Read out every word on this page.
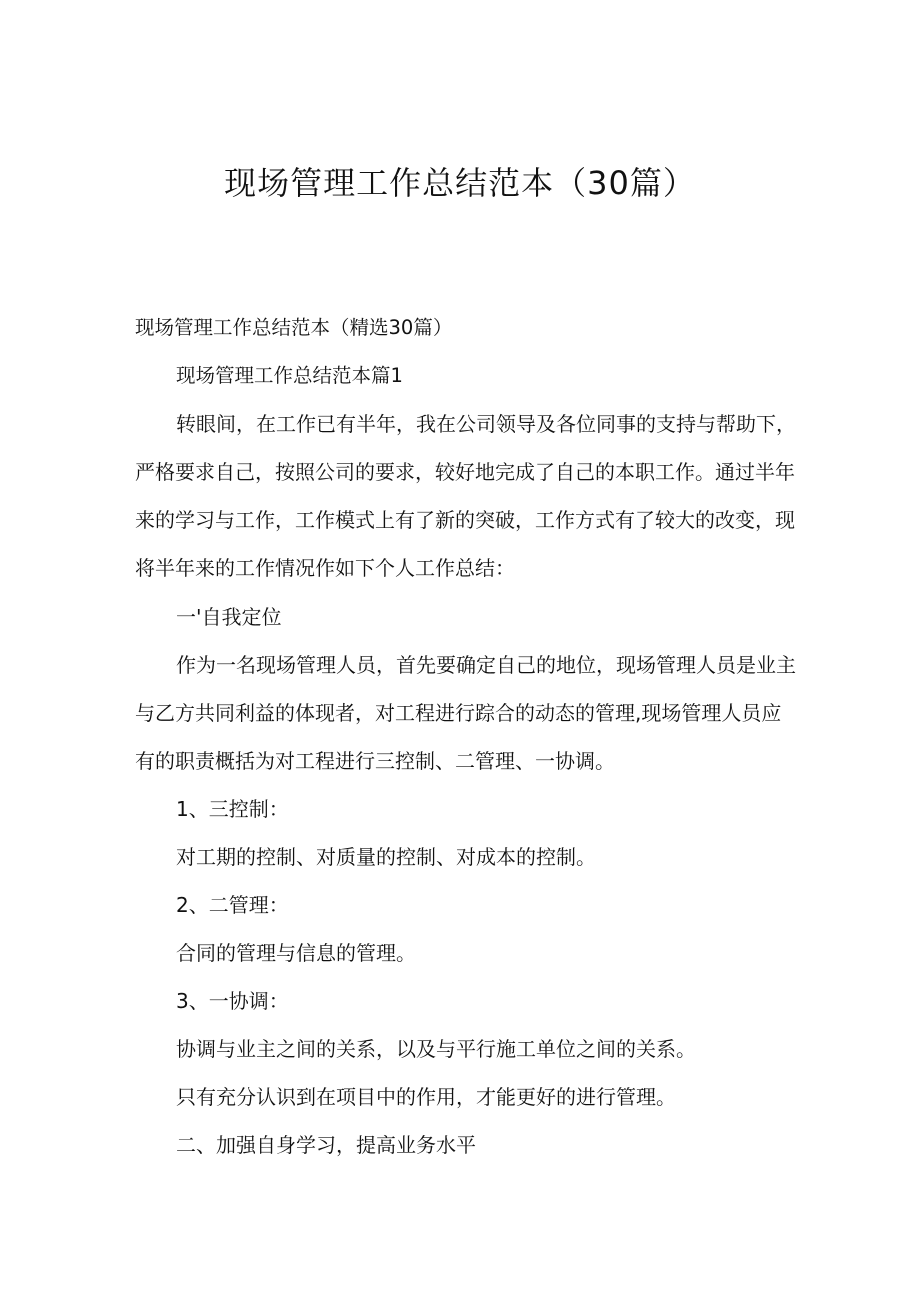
现场管理工作总结范本（30篇）
现场管理工作总结范本（精选30篇）
现场管理工作总结范本篇1
转眼间，在工作已有半年，我在公司领导及各位同事的支持与帮助下，
严格要求自己，按照公司的要求，较好地完成了自己的本职工作。通过半年
来的学习与工作，工作模式上有了新的突破，工作方式有了较大的改变，现
将半年来的工作情况作如下个人工作总结：
一'自我定位
作为一名现场管理人员，首先要确定自己的地位，现场管理人员是业主
与乙方共同利益的体现者，对工程进行踪合的动态的管理,现场管理人员应
有的职责概括为对工程进行三控制、二管理、一协调。
1、三控制：
对工期的控制、对质量的控制、对成本的控制。
2、二管理：
合同的管理与信息的管理。
3、一协调：
协调与业主之间的关系，以及与平行施工单位之间的关系。
只有充分认识到在项目中的作用，才能更好的进行管理。
二、加强自身学习，提高业务水平
